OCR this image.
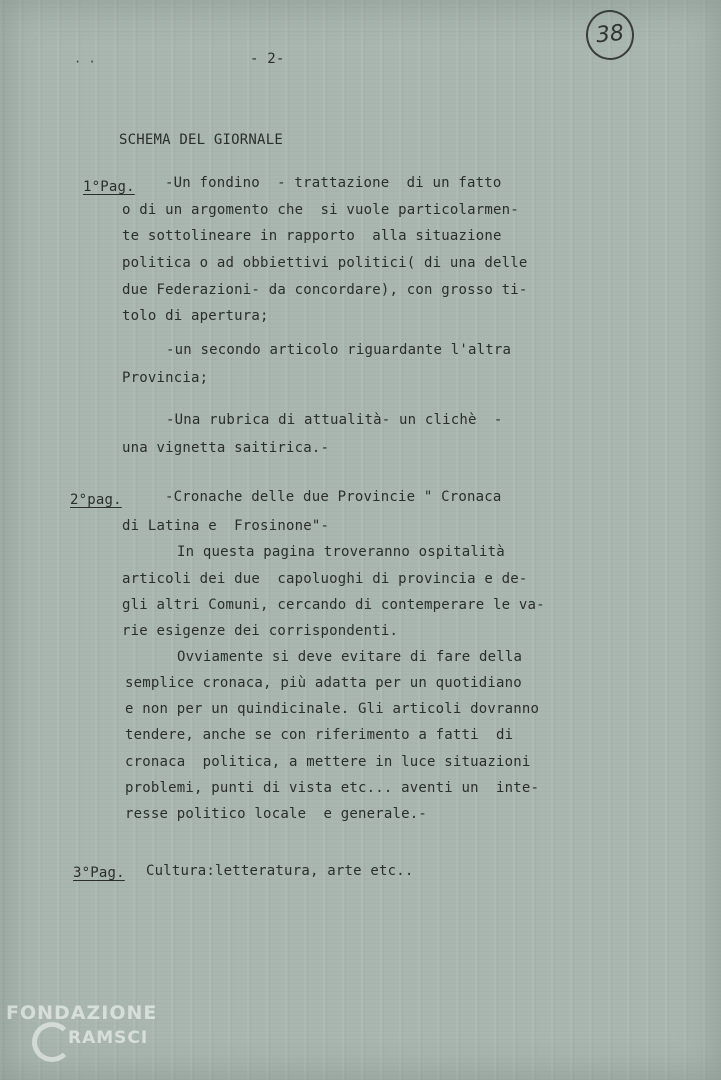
· ·	- 2-
38
SCHEMA DEL GIORNALE
1°Pag. -Un fondino  - trattazione  di un fatto
o di un argomento che  si vuole particolarmen-
te sottolineare in rapporto  alla situazione
politica o ad obbiettivi politici( di una delle
due Federazioni- da concordare), con grosso ti-
tolo di apertura;
-un secondo articolo riguardante l'altra
Provincia;
-Una rubrica di attualità- un clichè  -
una vignetta saitirica.-
2°pag.	-Cronache delle due Provincie " Cronaca
di Latina e  Frosinone"-
In questa pagina troveranno ospitalità
articoli dei due  capoluoghi di provincia e de-
gli altri Comuni, cercando di contemperare le va-
rie esigenze dei corrispondenti.
Ovviamente si deve evitare di fare della
semplice cronaca, più adatta per un quotidiano
e non per un quindicinale. Gli articoli dovranno
tendere, anche se con riferimento a fatti  di
cronaca  politica, a mettere in luce situazioni
problemi, punti di vista etc... aventi un  inte-
resse politico locale  e generale.-
3°Pag. Cultura:letteratura, arte etc..
FONDAZIONE
RAMSCI
